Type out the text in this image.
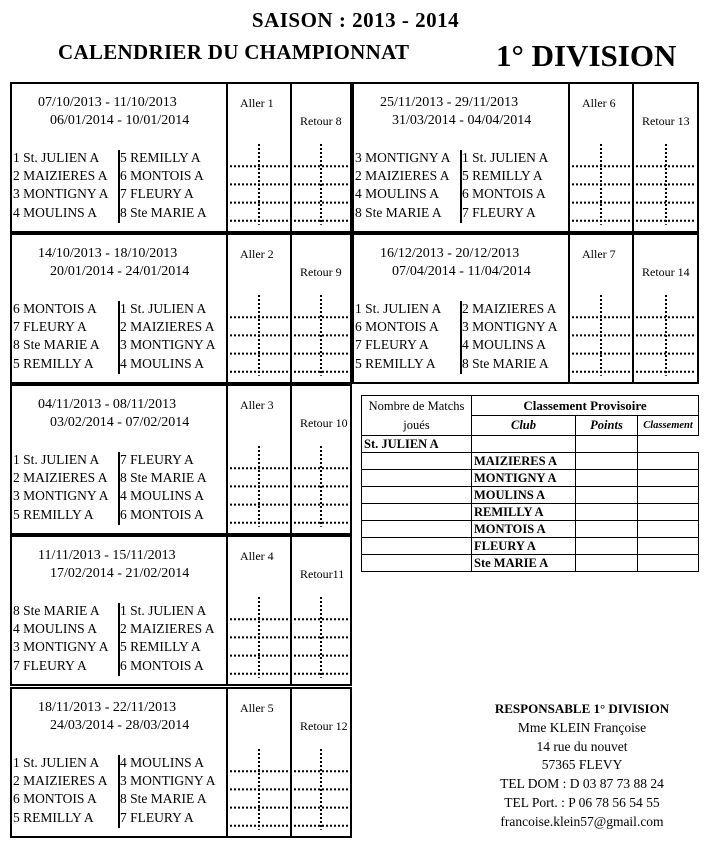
SAISON : 2013 - 2014
CALENDRIER DU CHAMPIONNAT	1° DIVISION
07/10/2013 - 11/10/2013
06/01/2014 - 10/01/2014
Aller 1
Retour 8
1 St. JULIEN A 5 REMILLY A
2 MAIZIERES A 6 MONTOIS A
3 MONTIGNY A 7 FLEURY A
4 MOULINS A 8 Ste MARIE A
14/10/2013 - 18/10/2013
20/01/2014 - 24/01/2014
Aller 2
Retour 9
6 MONTOIS A 1 St. JULIEN A
7 FLEURY A 2 MAIZIERES A
8 Ste MARIE A 3 MONTIGNY A
5 REMILLY A 4 MOULINS A
04/11/2013 - 08/11/2013
03/02/2014 - 07/02/2014
Aller 3
Retour 10
1 St. JULIEN A 7 FLEURY A
2 MAIZIERES A 8 Ste MARIE A
3 MONTIGNY A 4 MOULINS A
5 REMILLY A 6 MONTOIS A
11/11/2013 - 15/11/2013
17/02/2014 - 21/02/2014
Aller 4
Retour11
8 Ste MARIE A 1 St. JULIEN A
4 MOULINS A 2 MAIZIERES A
3 MONTIGNY A 5 REMILLY A
7 FLEURY A 6 MONTOIS A
18/11/2013 - 22/11/2013
24/03/2014 - 28/03/2014
Aller 5
Retour 12
1 St. JULIEN A 4 MOULINS A
2 MAIZIERES A 3 MONTIGNY A
6 MONTOIS A 8 Ste MARIE A
5 REMILLY A 7 FLEURY A
25/11/2013 - 29/11/2013
31/03/2014 - 04/04/2014
Aller 6
Retour 13
3 MONTIGNY A 1 St. JULIEN A
2 MAIZIERES A 5 REMILLY A
4 MOULINS A 6 MONTOIS A
8 Ste MARIE A 7 FLEURY A
16/12/2013 - 20/12/2013
07/04/2014 - 11/04/2014
Aller 7
Retour 14
1 St. JULIEN A 2 MAIZIERES A
6 MONTOIS A 3 MONTIGNY A
7 FLEURY A 4 MOULINS A
5 REMILLY A 8 Ste MARIE A
Nombre de Matchs joués	Classement Provisoire		
	Club	Points	Classement
St. JULIEN A			
	MAIZIERES A		
	MONTIGNY A		
	MOULINS A		
	REMILLY A		
	MONTOIS A		
	FLEURY A		
	Ste MARIE A		
RESPONSABLE 1° DIVISION
Mme KLEIN Françoise
14 rue du nouvet
57365 FLEVY
TEL DOM : D 03 87 73 88 24
TEL Port. : P 06 78 56 54 55
francoise.klein57@gmail.com
